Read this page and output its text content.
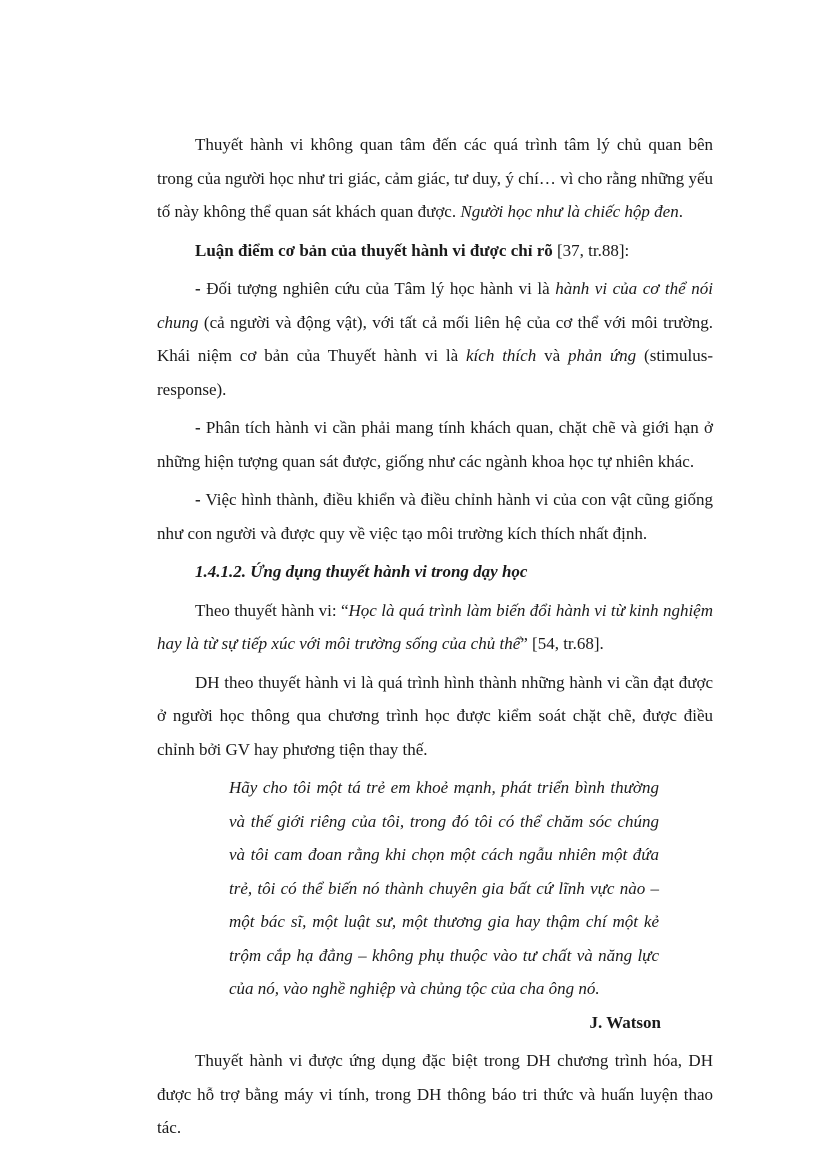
Thuyết hành vi không quan tâm đến các quá trình tâm lý chủ quan bên trong của người học như tri giác, cảm giác, tư duy, ý chí… vì cho rằng những yếu tố này không thể quan sát khách quan được. Người học như là chiếc hộp đen.

Luận điểm cơ bản của thuyết hành vi được chỉ rõ [37, tr.88]:

- Đối tượng nghiên cứu của Tâm lý học hành vi là hành vi của cơ thể nói chung (cả người và động vật), với tất cả mối liên hệ của cơ thể với môi trường. Khái niệm cơ bản của Thuyết hành vi là kích thích và phản ứng (stimulus-response).

- Phân tích hành vi cần phải mang tính khách quan, chặt chẽ và giới hạn ở những hiện tượng quan sát được, giống như các ngành khoa học tự nhiên khác.

- Việc hình thành, điều khiển và điều chỉnh hành vi của con vật cũng giống như con người và được quy về việc tạo môi trường kích thích nhất định.

1.4.1.2. Ứng dụng thuyết hành vi trong dạy học

Theo thuyết hành vi: “Học là quá trình làm biến đổi hành vi từ kinh nghiệm hay là từ sự tiếp xúc với môi trường sống của chủ thể” [54, tr.68].

DH theo thuyết hành vi là quá trình hình thành những hành vi cần đạt được ở người học thông qua chương trình học được kiểm soát chặt chẽ, được điều chỉnh bởi GV hay phương tiện thay thế.

Hãy cho tôi một tá trẻ em khoẻ mạnh, phát triển bình thường và thế giới riêng của tôi, trong đó tôi có thể chăm sóc chúng và tôi cam đoan rằng khi chọn một cách ngẫu nhiên một đứa trẻ, tôi có thể biến nó thành chuyên gia bất cứ lĩnh vực nào – một bác sĩ, một luật sư, một thương gia hay thậm chí một kẻ trộm cắp hạ đẳng – không phụ thuộc vào tư chất và năng lực của nó, vào nghề nghiệp và chủng tộc của cha ông nó.

J. Watson

Thuyết hành vi được ứng dụng đặc biệt trong DH chương trình hóa, DH được hỗ trợ bằng máy vi tính, trong DH thông báo tri thức và huấn luyện thao tác.
